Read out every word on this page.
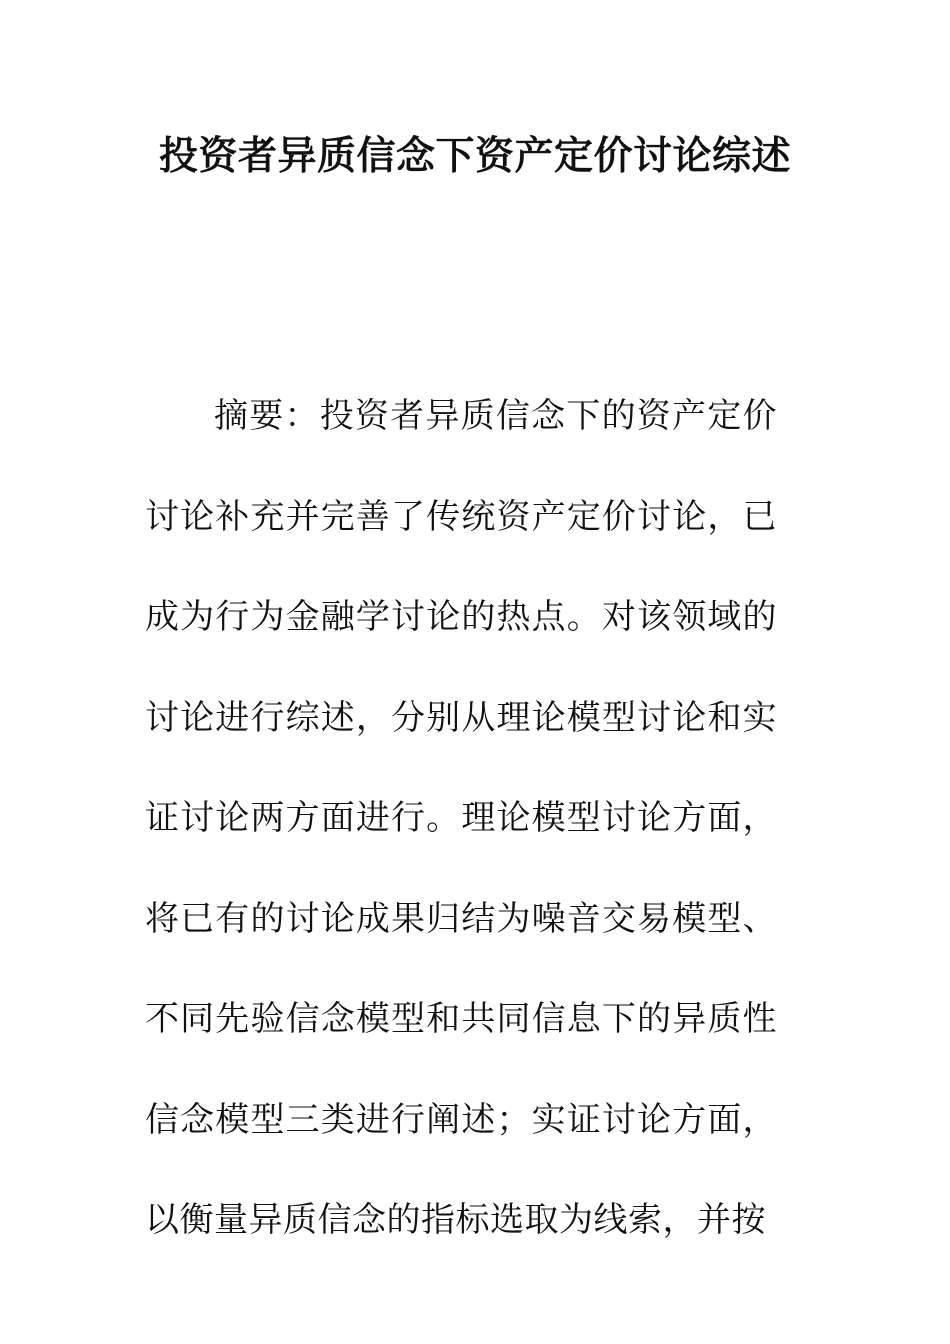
投资者异质信念下资产定价讨论综述

摘要：投资者异质信念下的资产定价讨论补充并完善了传统资产定价讨论，已成为行为金融学讨论的热点。对该领域的讨论进行综述，分别从理论模型讨论和实证讨论两方面进行。理论模型讨论方面，将已有的讨论成果归结为噪音交易模型、不同先验信念模型和共同信息下的异质性信念模型三类进行阐述；实证讨论方面，以衡量异质信念的指标选取为线索，并按
